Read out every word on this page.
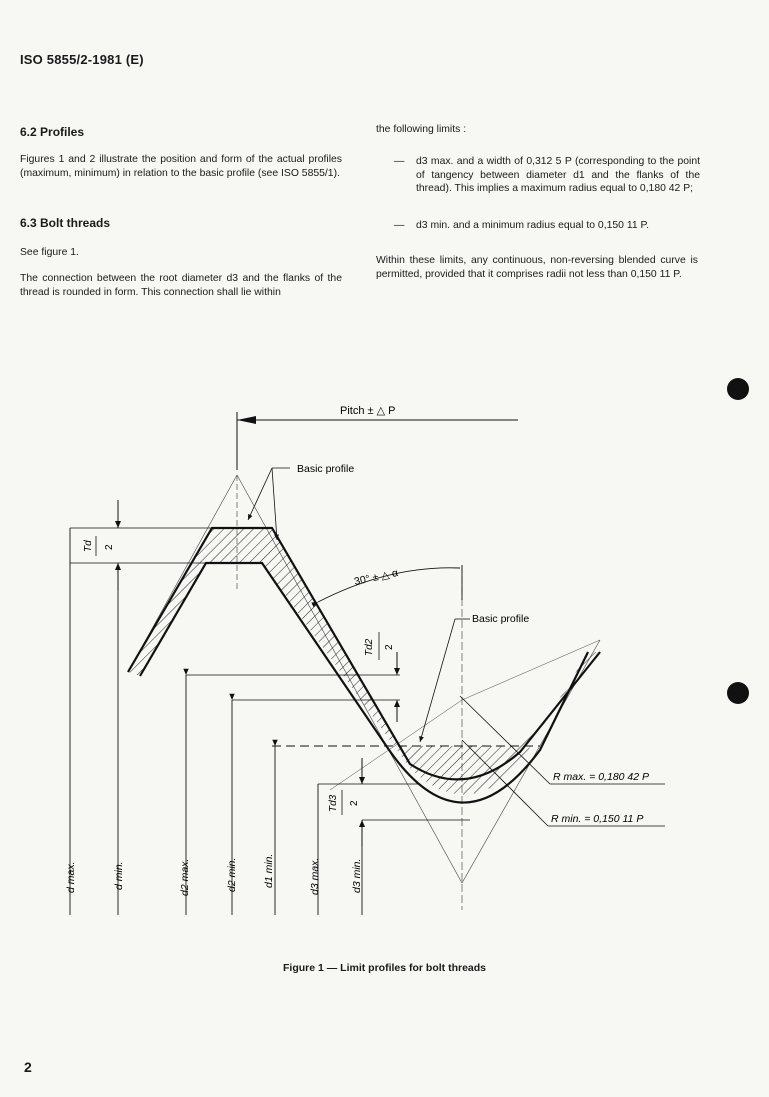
ISO 5855/2-1981 (E)
6.2 Profiles
Figures 1 and 2 illustrate the position and form of the actual profiles (maximum, minimum) in relation to the basic profile (see ISO 5855/1).
6.3 Bolt threads
See figure 1.
The connection between the root diameter d3 and the flanks of the thread is rounded in form. This connection shall lie within
the following limits :
— d3 max. and a width of 0,312 5 P (corresponding to the point of tangency between diameter d1 and the flanks of the thread). This implies a maximum radius equal to 0,180 42 P;
— d3 min. and a minimum radius equal to 0,150 11 P.
Within these limits, any continuous, non-reversing blended curve is permitted, provided that it comprises radii not less than 0,150 11 P.
Pitch ± △ P
Td 2
Basic profile
30° ± △ α
Basic profile
Td2 2
Td3 2
R max. = 0,180 42 P
R min. = 0,150 11 P
d max.	d min.	d2 max.	d2 min. d1 min.	d3 max.	d3 min.
Figure 1 — Limit profiles for bolt threads
2
